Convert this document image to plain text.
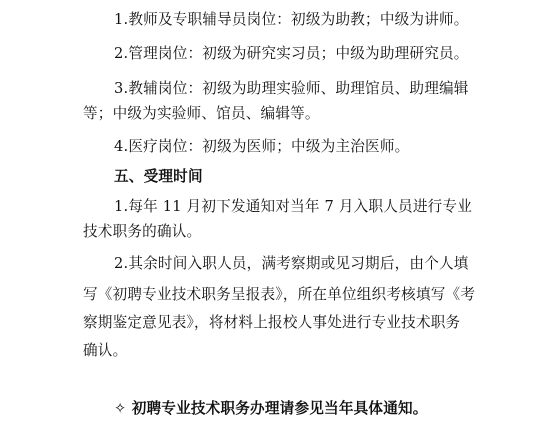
1.教师及专职辅导员岗位：初级为助教；中级为讲师。
2.管理岗位：初级为研究实习员；中级为助理研究员。
3.教辅岗位：初级为助理实验师、助理馆员、助理编辑
等；中级为实验师、馆员、编辑等。
4.医疗岗位：初级为医师；中级为主治医师。
五、受理时间
1.每年 11 月初下发通知对当年 7 月入职人员进行专业
技术职务的确认。
2.其余时间入职人员，满考察期或见习期后，由个人填
写《初聘专业技术职务呈报表》，所在单位组织考核填写《考
察期鉴定意见表》，将材料上报校人事处进行专业技术职务
确认。
✧ 初聘专业技术职务办理请参见当年具体通知。
